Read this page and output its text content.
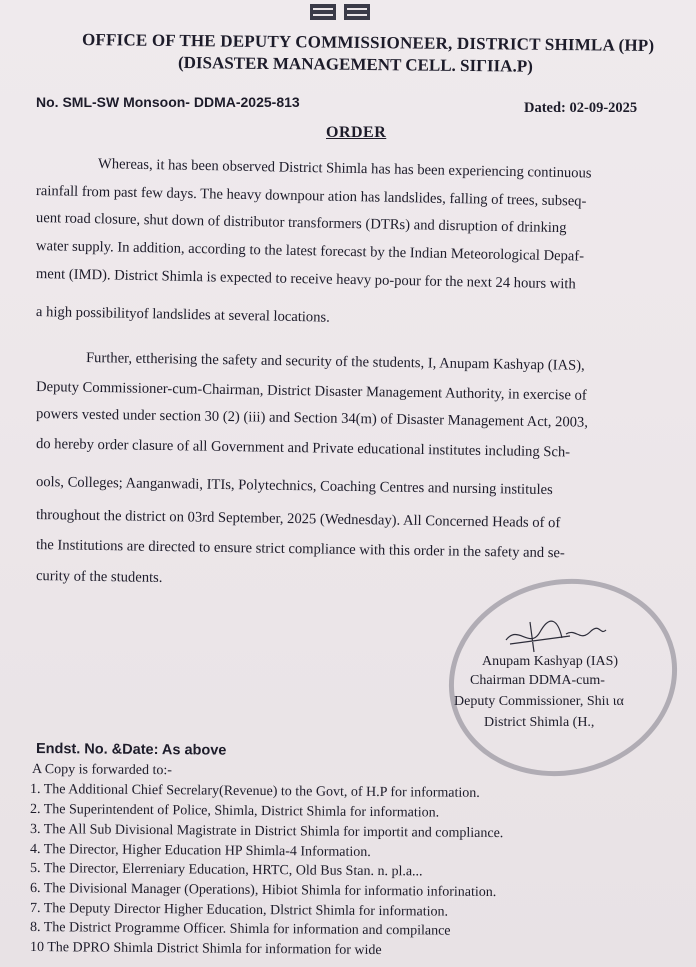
OFFICE OF THE DEPUTY COMMISSIONEER, DISTRICT SHIMLA (HP)
(DISASTER MANAGEMENT CELL. SIΓIIA.P)
No. SML-SW Monsoon- DDMA-2025-813	Dated: 02-09-2025
ORDER
Whereas, it has been observed District Shimla has has been experiencing continuous
rainfall from past few days. The heavy downpour ation has landslides, falling of trees, subseq-
uent road closure, shut down of distributor transformers (DTRs) and disruption of drinking
water supply. In addition, according to the latest forecast by the Indian Meteorological Depaf-
ment (IMD). District Shimla is expected to receive heavy po-pour for the next 24 hours with
a high possibilityof landslides at several locations.
Further, ettherising the safety and security of the students, I, Anupam Kashyap (IAS),
Deputy Commissioner-cum-Chairman, District Disaster Management Authority, in exercise of
powers vested under section 30 (2) (iii) and Section 34(m) of Disaster Management Act, 2003,
do hereby order clasure of all Government and Private educational institutes including Sch-
ools, Colleges; Aanganwadi, ITIs, Polytechnics, Coaching Centres and nursing institules
throughout the district on 03rd September, 2025 (Wednesday). All Concerned Heads of of
the Institutions are directed to ensure strict compliance with this order in the safety and se-
curity of the students.
Anupam Kashyap (IAS)
Chairman DDMA-cum-
Deputy Commissioner, Shiι ια
District Shimla (H.,
Endst. No. &Date: As above
A Copy is forwarded to:-
1. The Additional Chief Secrelary(Revenue) to the Govt, of H.P for information.
2. The Superintendent of Police, Shimla, District Shimla for information.
3. The All Sub Divisional Magistrate in District Shimla for importit and compliance.
4. The Director, Higher Education HP Shimla-4 Information.
5. The Director, Elerreniary Education, HRTC, Old Bus Stan. n. pl.a...
6. The Divisional Manager (Operations), Hibiot Shimla for informatio inforination.
7. The Deputy Director Higher Education, Dlstrict Shimla for information.
8. The District Programme Officer. Shimla for information and compilance
10 The DPRO Shimla District Shimla for information for wide
